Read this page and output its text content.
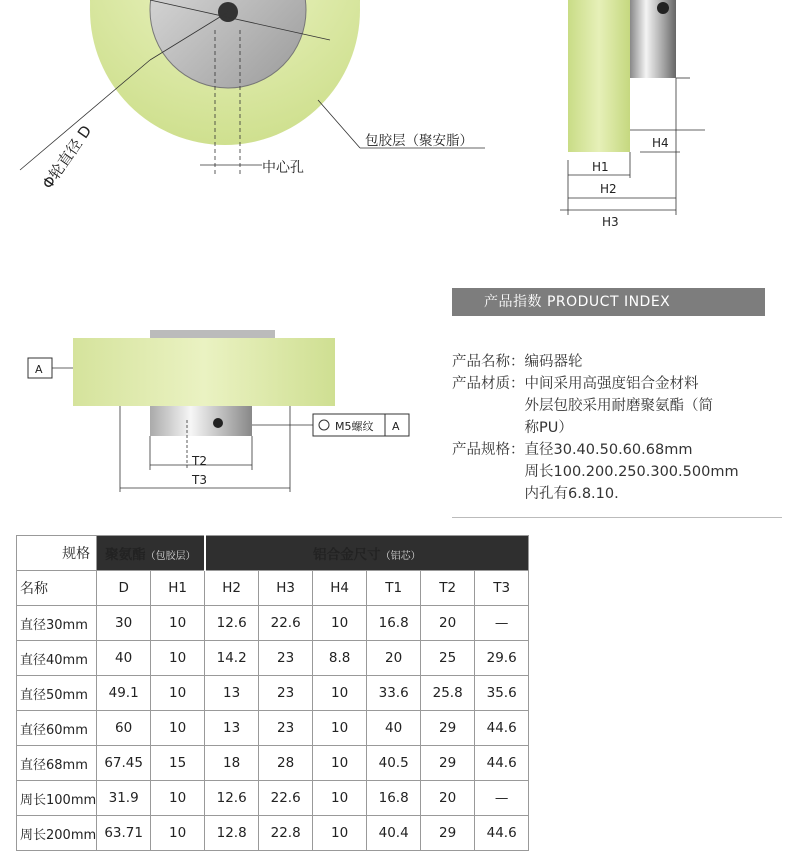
Φ轮直径 D	中心孔
包胶层（聚安脂）
H1
H2
H3
H4
A
M5螺纹 A
T2
T3
产品指数 PRODUCT INDEX
产品名称：编码器轮
产品材质：中间采用高强度铝合金材料
　　　　　外层包胶采用耐磨聚氨酯（简
　　　　　称PU）
产品规格：直径30.40.50.60.68mm
　　　　　周长100.200.250.300.500mm
　　　　　内孔有6.8.10.
规格	聚氨酯（包胶层）		铝合金尺寸（铝芯）					
名称	D	H1	H2	H3	H4	T1	T2	T3
直径30mm	30	10	12.6	22.6	10	16.8	20	—
直径40mm	40	10	14.2	23	8.8	20	25	29.6
直径50mm	49.1	10	13	23	10	33.6	25.8	35.6
直径60mm	60	10	13	23	10	40	29	44.6
直径68mm	67.45	15	18	28	10	40.5	29	44.6
周长100mm	31.9	10	12.6	22.6	10	16.8	20	—
周长200mm	63.71	10	12.8	22.8	10	40.4	29	44.6
